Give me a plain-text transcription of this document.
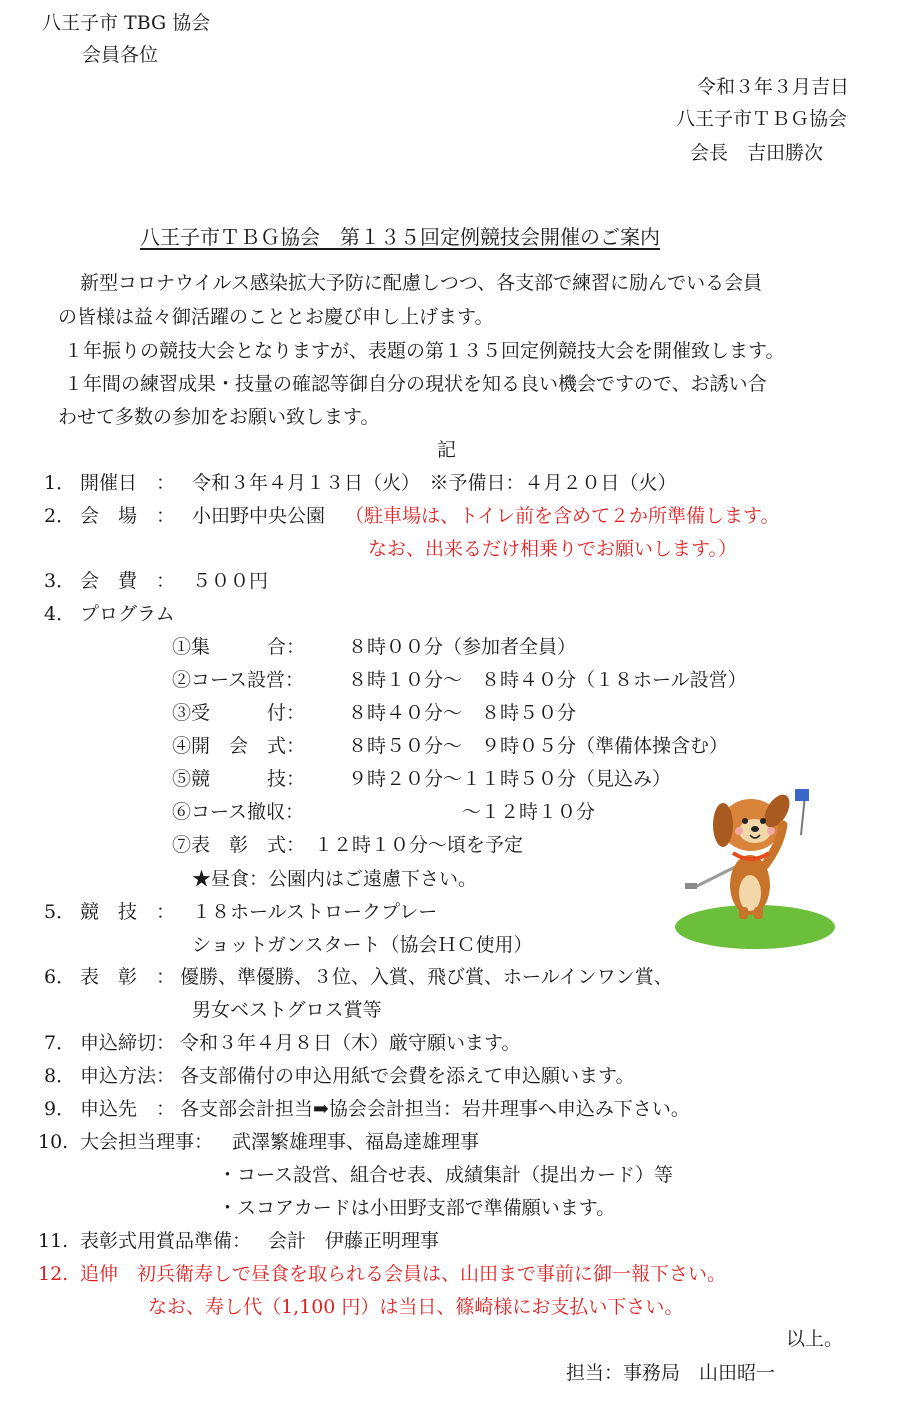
八王子市 TBG 協会
会員各位
令和３年３月吉日
八王子市ＴＢＧ協会
会長　吉田勝次
八王子市ＴＢＧ協会　第１３５回定例競技会開催のご案内
新型コロナウイルス感染拡大予防に配慮しつつ、各支部で練習に励んでいる会員
の皆様は益々御活躍のこととお慶び申し上げます。
１年振りの競技大会となりますが、表題の第１３５回定例競技大会を開催致します。
１年間の練習成果・技量の確認等御自分の現状を知る良い機会ですので、お誘い合
わせて多数の参加をお願い致します。
記
1． 開催日　： 令和３年４月１３日（火）　※予備日：４月２０日（火）
2． 会　場　： 小田野中央公園 （駐車場は、トイレ前を含めて２か所準備します。
なお、出来るだけ相乗りでお願いします。）
3． 会　費　： ５００円
4． プログラム
①集　　　合： ８時００分（参加者全員）
②コース設営： ８時１０分～　８時４０分（１８ホール設営）
③受　　　付： ８時４０分～　８時５０分
④開　会　式： ８時５０分～　９時０５分（準備体操含む）
⑤競　　　技： ９時２０分～１１時５０分（見込み）
⑥コース撤収： 　　　　　　～１２時１０分
⑦表　彰　式： １２時１０分～頃を予定
★昼食：公園内はご遠慮下さい。
5． 競　技　： １８ホールストロークプレー
ショットガンスタート（協会ＨＣ使用）
6． 表　彰　： 優勝、準優勝、３位、入賞、飛び賞、ホールインワン賞、
男女ベストグロス賞等
7． 申込締切： 令和３年４月８日（木）厳守願います。
8． 申込方法： 各支部備付の申込用紙で会費を添えて申込願います。
9． 申込先　： 各支部会計担当➡協会会計担当：岩井理事へ申込み下さい。
10. 大会担当理事： 武澤繁雄理事、福島達雄理事
・コース設営、組合せ表、成績集計（提出カード）等
・スコアカードは小田野支部で準備願います。
11. 表彰式用賞品準備： 会計　伊藤正明理事
12. 追伸　初兵衛寿しで昼食を取られる会員は、山田まで事前に御一報下さい。
なお、寿し代（1,100 円）は当日、篠崎様にお支払い下さい。
以上。
担当：事務局　山田昭一
